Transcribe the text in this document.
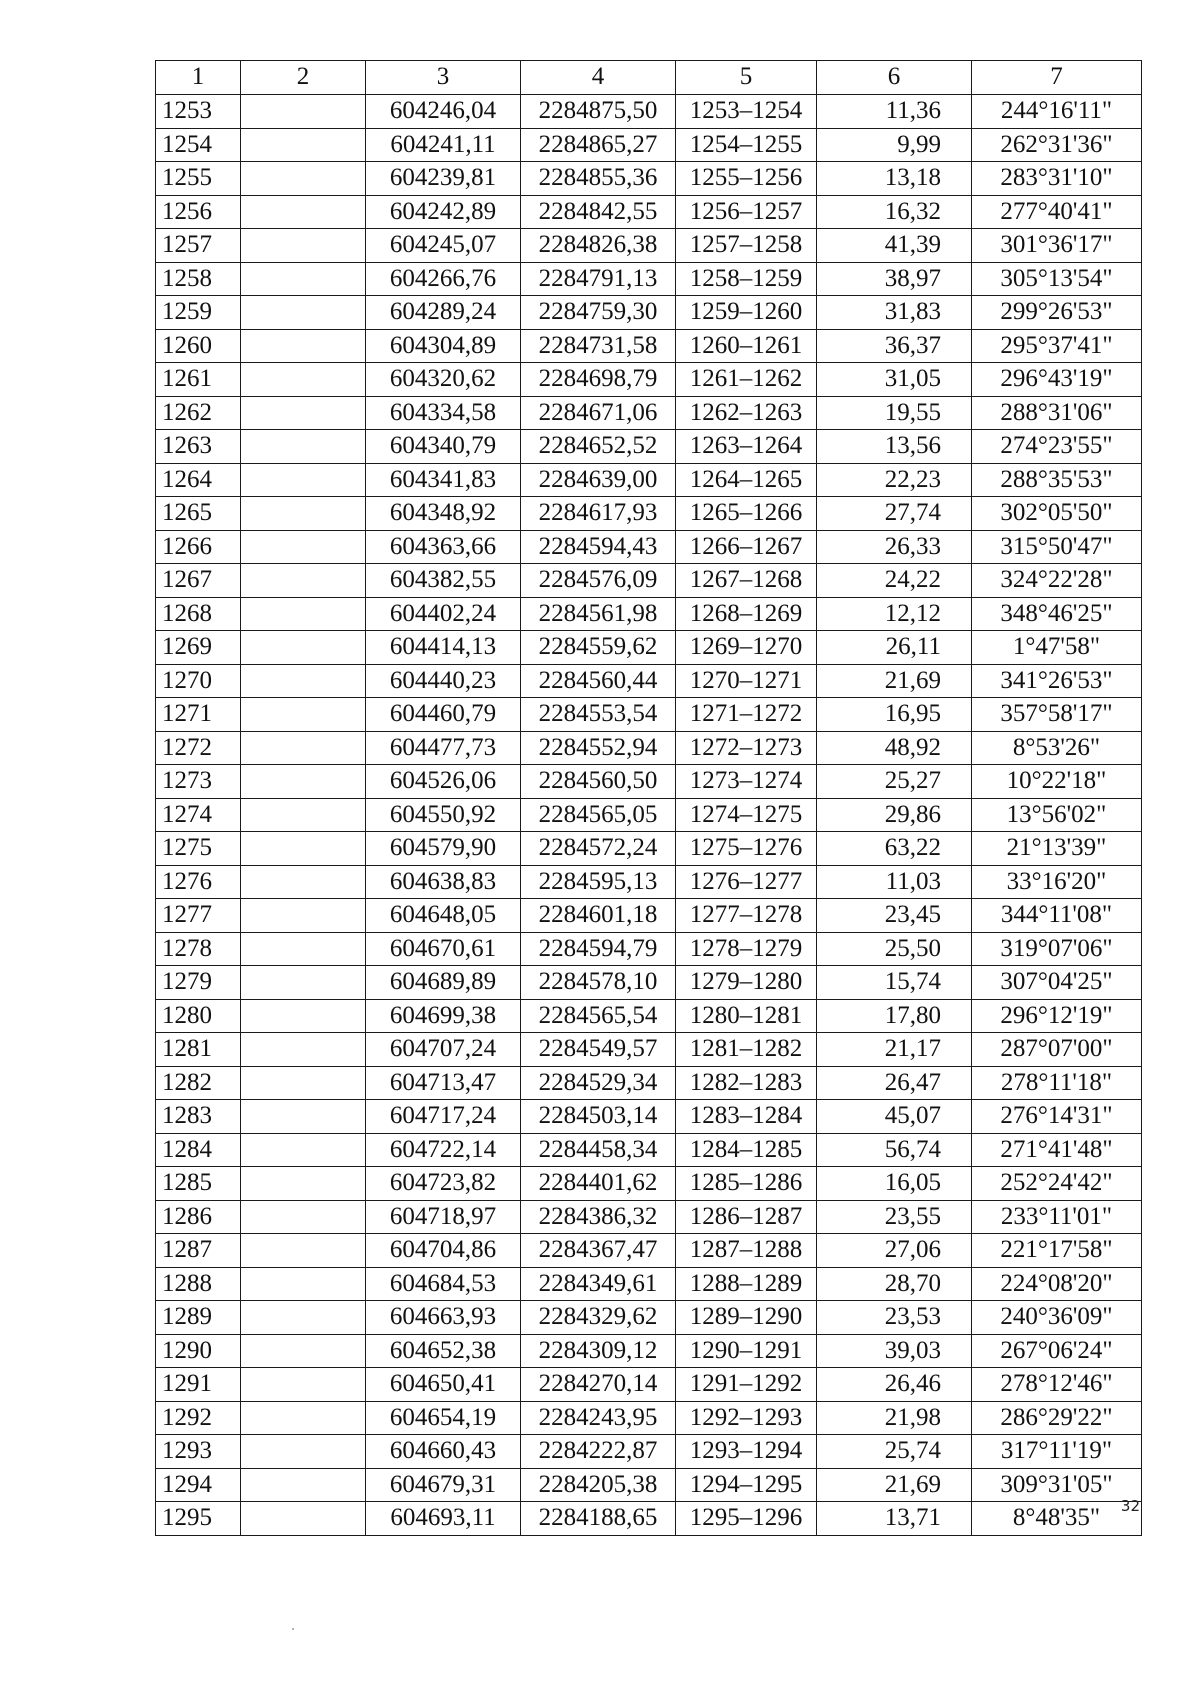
1	2	3	4	5	6	7
1253		604246,04	2284875,50	1253–1254	11,36	244°16'11"
1254		604241,11	2284865,27	1254–1255	9,99	262°31'36"
1255		604239,81	2284855,36	1255–1256	13,18	283°31'10"
1256		604242,89	2284842,55	1256–1257	16,32	277°40'41"
1257		604245,07	2284826,38	1257–1258	41,39	301°36'17"
1258		604266,76	2284791,13	1258–1259	38,97	305°13'54"
1259		604289,24	2284759,30	1259–1260	31,83	299°26'53"
1260		604304,89	2284731,58	1260–1261	36,37	295°37'41"
1261		604320,62	2284698,79	1261–1262	31,05	296°43'19"
1262		604334,58	2284671,06	1262–1263	19,55	288°31'06"
1263		604340,79	2284652,52	1263–1264	13,56	274°23'55"
1264		604341,83	2284639,00	1264–1265	22,23	288°35'53"
1265		604348,92	2284617,93	1265–1266	27,74	302°05'50"
1266		604363,66	2284594,43	1266–1267	26,33	315°50'47"
1267		604382,55	2284576,09	1267–1268	24,22	324°22'28"
1268		604402,24	2284561,98	1268–1269	12,12	348°46'25"
1269		604414,13	2284559,62	1269–1270	26,11	1°47'58"
1270		604440,23	2284560,44	1270–1271	21,69	341°26'53"
1271		604460,79	2284553,54	1271–1272	16,95	357°58'17"
1272		604477,73	2284552,94	1272–1273	48,92	8°53'26"
1273		604526,06	2284560,50	1273–1274	25,27	10°22'18"
1274		604550,92	2284565,05	1274–1275	29,86	13°56'02"
1275		604579,90	2284572,24	1275–1276	63,22	21°13'39"
1276		604638,83	2284595,13	1276–1277	11,03	33°16'20"
1277		604648,05	2284601,18	1277–1278	23,45	344°11'08"
1278		604670,61	2284594,79	1278–1279	25,50	319°07'06"
1279		604689,89	2284578,10	1279–1280	15,74	307°04'25"
1280		604699,38	2284565,54	1280–1281	17,80	296°12'19"
1281		604707,24	2284549,57	1281–1282	21,17	287°07'00"
1282		604713,47	2284529,34	1282–1283	26,47	278°11'18"
1283		604717,24	2284503,14	1283–1284	45,07	276°14'31"
1284		604722,14	2284458,34	1284–1285	56,74	271°41'48"
1285		604723,82	2284401,62	1285–1286	16,05	252°24'42"
1286		604718,97	2284386,32	1286–1287	23,55	233°11'01"
1287		604704,86	2284367,47	1287–1288	27,06	221°17'58"
1288		604684,53	2284349,61	1288–1289	28,70	224°08'20"
1289		604663,93	2284329,62	1289–1290	23,53	240°36'09"
1290		604652,38	2284309,12	1290–1291	39,03	267°06'24"
1291		604650,41	2284270,14	1291–1292	26,46	278°12'46"
1292		604654,19	2284243,95	1292–1293	21,98	286°29'22"
1293		604660,43	2284222,87	1293–1294	25,74	317°11'19"
1294		604679,31	2284205,38	1294–1295	21,69	309°31'05"
1295		604693,11	2284188,65	1295–1296	13,71	8°48'35"	32
